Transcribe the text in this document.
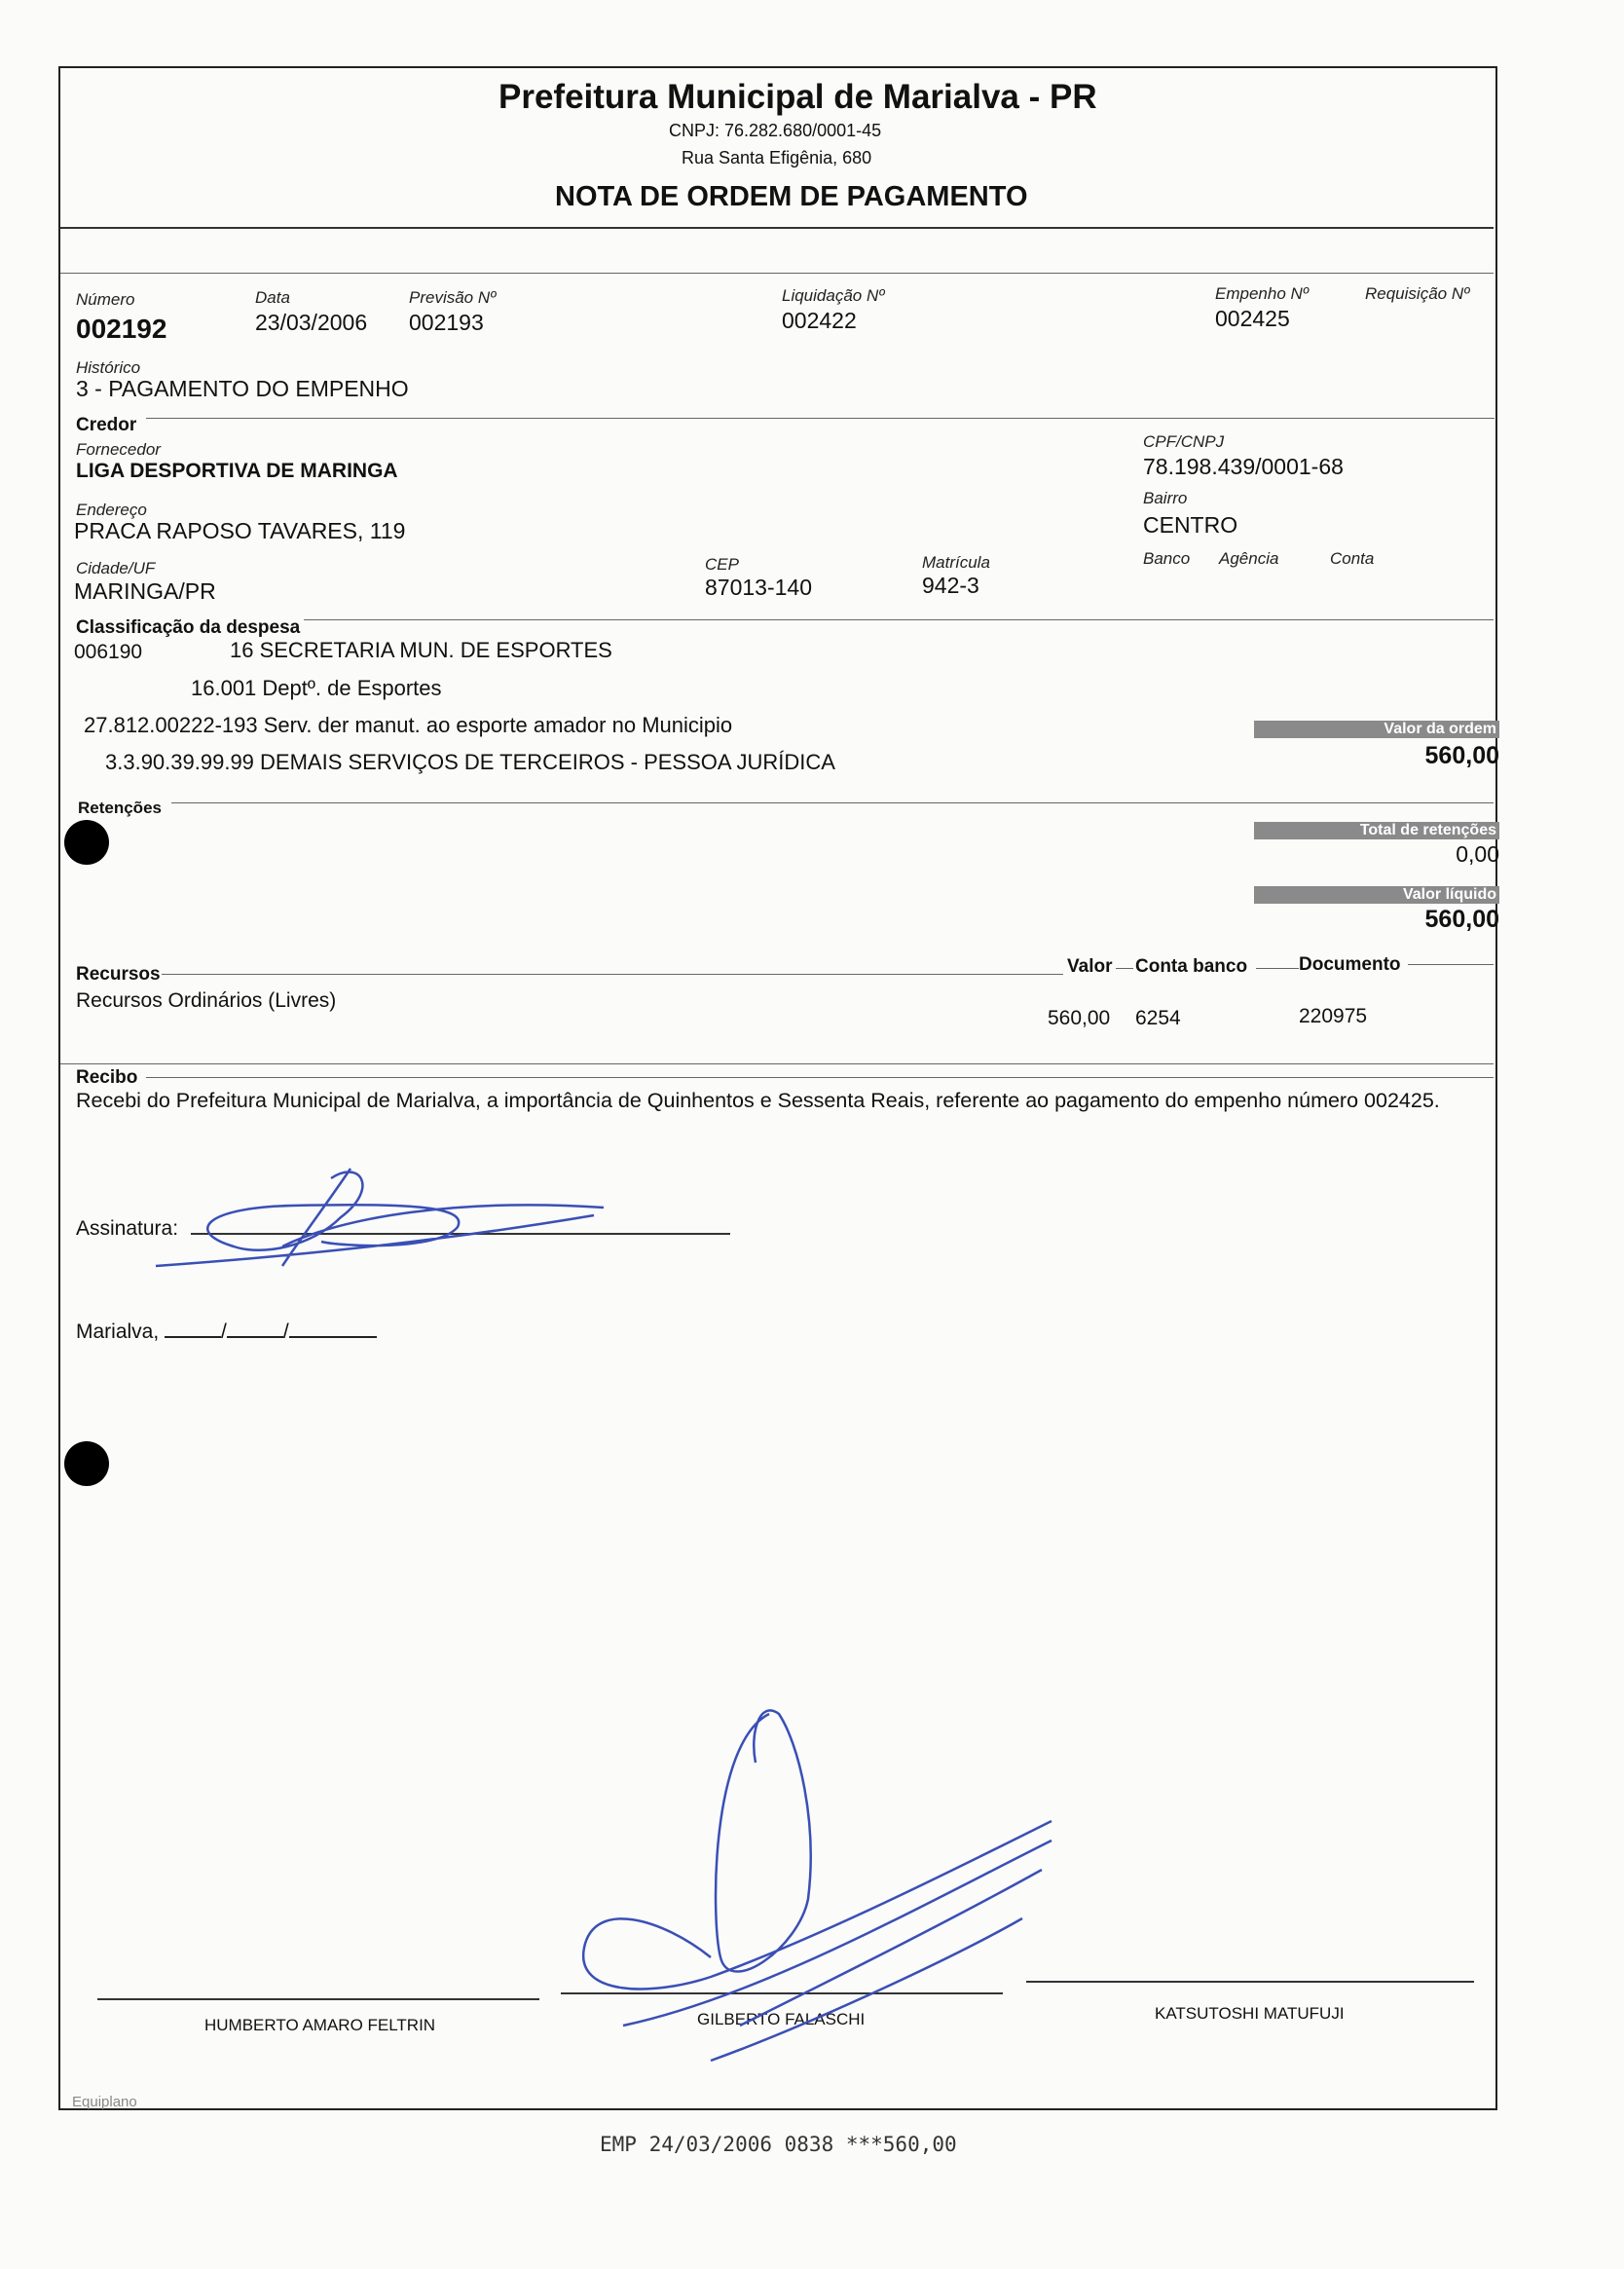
Prefeitura Municipal de Marialva - PR
CNPJ: 76.282.680/0001-45
Rua Santa Efigênia, 680
NOTA DE ORDEM DE PAGAMENTO
Número
002192
Data
23/03/2006
Previsão Nº
002193
Liquidação Nº
002422
Empenho Nº
002425
Requisição Nº
Histórico
3 - PAGAMENTO DO EMPENHO
Credor
Fornecedor
LIGA DESPORTIVA DE MARINGA
CPF/CNPJ
78.198.439/0001-68
Endereço
PRACA RAPOSO TAVARES, 119
Bairro
CENTRO
Cidade/UF
MARINGA/PR
CEP
87013-140
Matrícula
942-3
Banco Agência	Conta
Classificação da despesa
006190	16 SECRETARIA MUN. DE ESPORTES
16.001 Deptº. de Esportes
27.812.00222-193 Serv. der manut. ao esporte amador no Municipio
3.3.90.39.99.99 DEMAIS SERVIÇOS DE TERCEIROS - PESSOA JURÍDICA
Valor da ordem
560,00
Retenções
Total de retenções
0,00
Valor líquido
560,00
Recursos	Valor Conta banco	Documento
Recursos Ordinários (Livres)
560,00 6254	220975
Recibo
Recebi do Prefeitura Municipal de Marialva, a importância de Quinhentos e Sessenta Reais, referente ao pagamento do empenho número 002425.
Assinatura:
Marialva,	/	/
HUMBERTO AMARO FELTRIN	GILBERTO FALASCHI	KATSUTOSHI MATUFUJI
Equiplano
EMP 24/03/2006 0838 ***560,00
